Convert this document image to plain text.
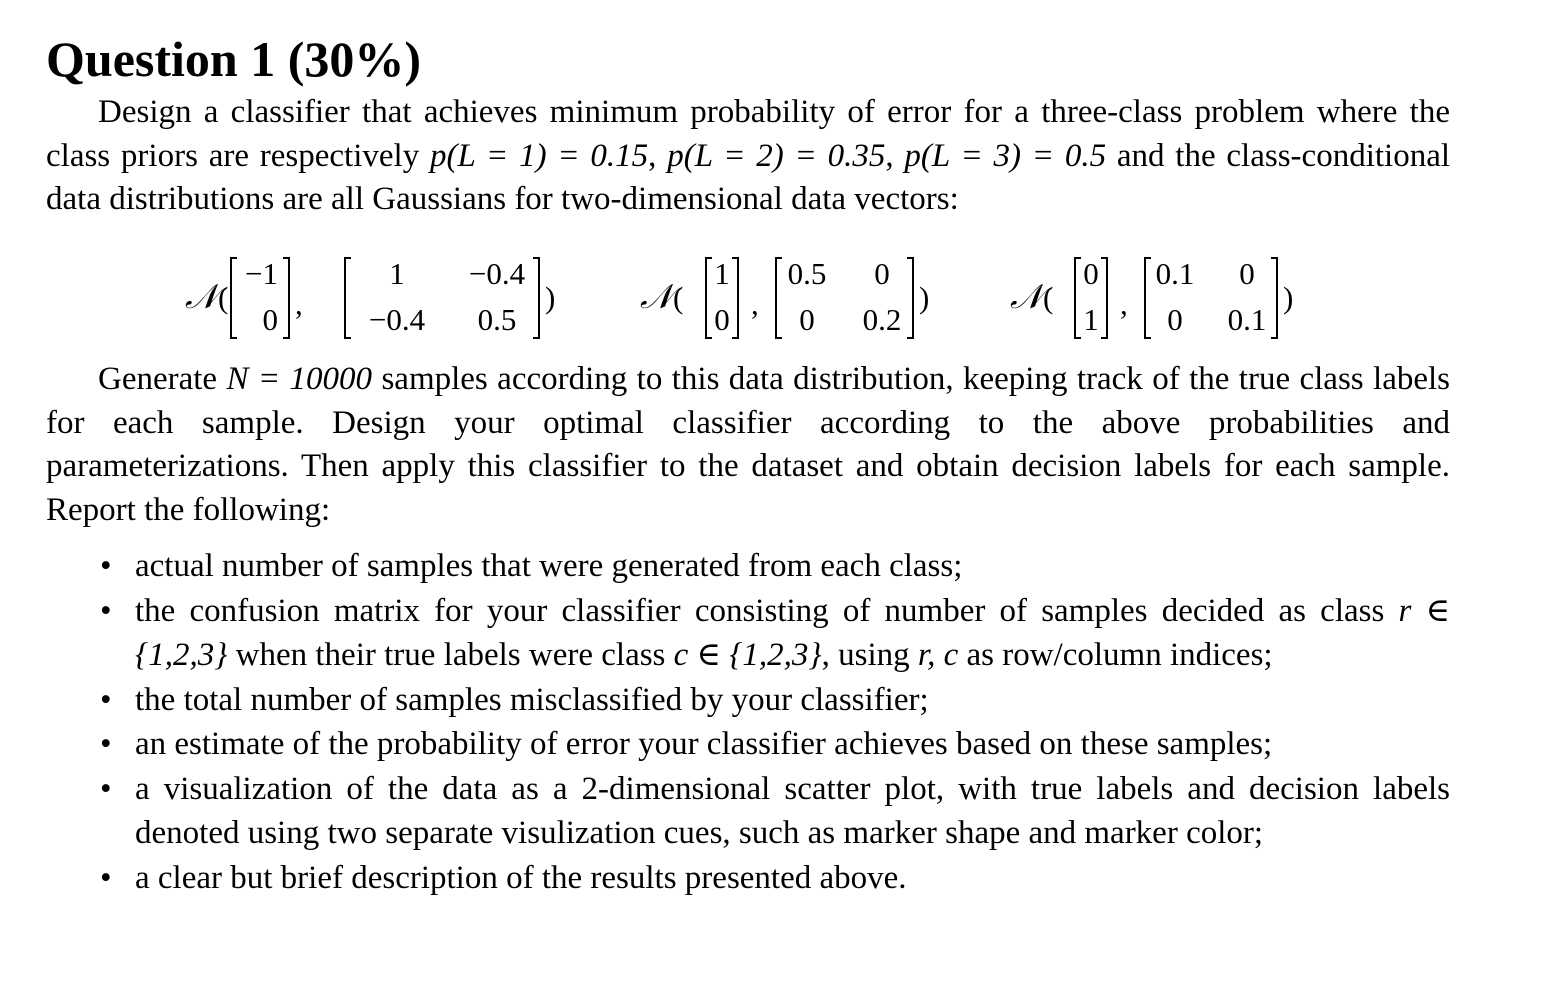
Question 1 (30%)
Design a classifier that achieves minimum probability of error for a three-class problem where the class priors are respectively p(L = 1) = 0.15, p(L = 2) = 0.35, p(L = 3) = 0.5 and the class-conditional data distributions are all Gaussians for two-dimensional data vectors:
𝒩 (
−1
0 ,
1 −0.4
−0.4 0.5
) 𝒩 (
1
0 ,
0.5 0
0 0.2
) 𝒩 (
0
1 ,
0.1 0
0 0.1
)
Generate N = 10000 samples according to this data distribution, keeping track of the true class labels for each sample. Design your optimal classifier according to the above probabilities and parameterizations. Then apply this classifier to the dataset and obtain decision labels for each sample. Report the following:
• actual number of samples that were generated from each class;
• the confusion matrix for your classifier consisting of number of samples decided as class r ∈ {1,2,3} when their true labels were class c ∈ {1,2,3}, using r, c as row/column indices;
• the total number of samples misclassified by your classifier;
• an estimate of the probability of error your classifier achieves based on these samples;
• a visualization of the data as a 2-dimensional scatter plot, with true labels and decision labels denoted using two separate visulization cues, such as marker shape and marker color;
• a clear but brief description of the results presented above.
